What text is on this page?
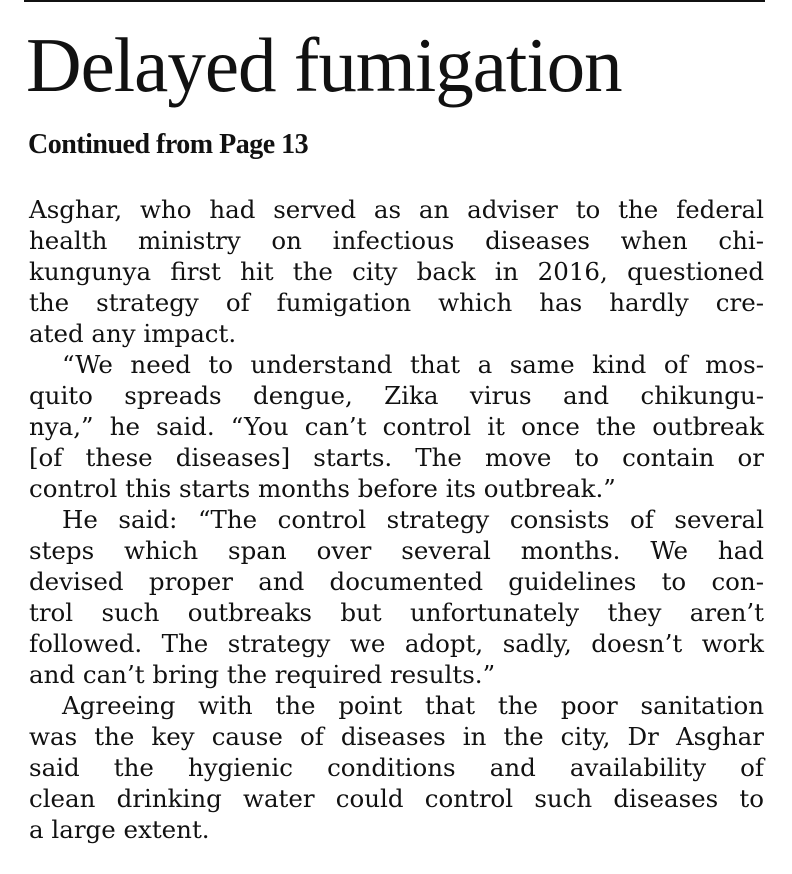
Delayed fumigation
Continued from Page 13
Asghar, who had served as an adviser to the federal
health ministry on infectious diseases when chi-
kungunya first hit the city back in 2016, questioned
the strategy of fumigation which has hardly cre-
ated any impact.
“We need to understand that a same kind of mos-
quito spreads dengue, Zika virus and chikungu-
nya,” he said. “You can’t control it once the outbreak
[of these diseases] starts. The move to contain or
control this starts months before its outbreak.”
He said: “The control strategy consists of several
steps which span over several months. We had
devised proper and documented guidelines to con-
trol such outbreaks but unfortunately they aren’t
followed. The strategy we adopt, sadly, doesn’t work
and can’t bring the required results.”
Agreeing with the point that the poor sanitation
was the key cause of diseases in the city, Dr Asghar
said the hygienic conditions and availability of
clean drinking water could control such diseases to
a large extent.
